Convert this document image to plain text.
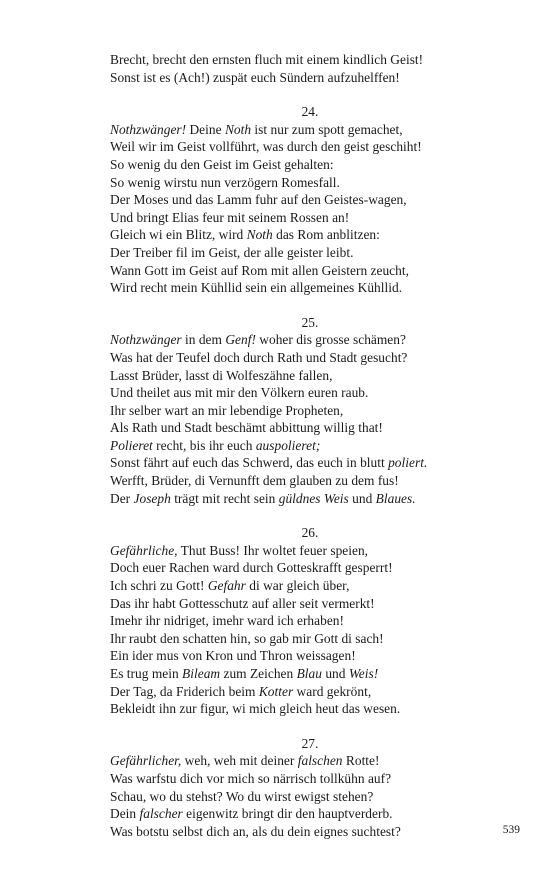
Brecht, brecht den ernsten fluch mit einem kindlich Geist!
Sonst ist es (Ach!) zuspät euch Sündern aufzuhelffen!
24.
Nothzwänger! Deine Noth ist nur zum spott gemachet,
Weil wir im Geist vollführt, was durch den geist geschiht!
So wenig du den Geist im Geist gehalten:
So wenig wirstu nun verzögern Romesfall.
Der Moses und das Lamm fuhr auf den Geistes-wagen,
Und bringt Elias feur mit seinem Rossen an!
Gleich wi ein Blitz, wird Noth das Rom anblitzen:
Der Treiber fil im Geist, der alle geister leibt.
Wann Gott im Geist auf Rom mit allen Geistern zeucht,
Wird recht mein Kühllid sein ein allgemeines Kühllid.
25.
Nothzwänger in dem Genf! woher dis grosse schämen?
Was hat der Teufel doch durch Rath und Stadt gesucht?
Lasst Brüder, lasst di Wolfeszähne fallen,
Und theilet aus mit mir den Völkern euren raub.
Ihr selber wart an mir lebendige Propheten,
Als Rath und Stadt beschämt abbittung willig that!
Polieret recht, bis ihr euch auspolieret;
Sonst fährt auf euch das Schwerd, das euch in blutt poliert.
Werfft, Brüder, di Vernunfft dem glauben zu dem fus!
Der Joseph trägt mit recht sein güldnes Weis und Blaues.
26.
Gefährliche, Thut Buss! Ihr woltet feuer speien,
Doch euer Rachen ward durch Gotteskrafft gesperrt!
Ich schri zu Gott! Gefahr di war gleich über,
Das ihr habt Gottesschutz auf aller seit vermerkt!
Imehr ihr nidriget, imehr ward ich erhaben!
Ihr raubt den schatten hin, so gab mir Gott di sach!
Ein ider mus von Kron und Thron weissagen!
Es trug mein Bileam zum Zeichen Blau und Weis!
Der Tag, da Friderich beim Kotter ward gekrönt,
Bekleidt ihn zur figur, wi mich gleich heut das wesen.
27.
Gefährlicher, weh, weh mit deiner falschen Rotte!
Was warfstu dich vor mich so närrisch tollkühn auf?
Schau, wo du stehst? Wo du wirst ewigst stehen?
Dein falscher eigenwitz bringt dir den hauptverderb.
Was botstu selbst dich an, als du dein eignes suchtest?	539
